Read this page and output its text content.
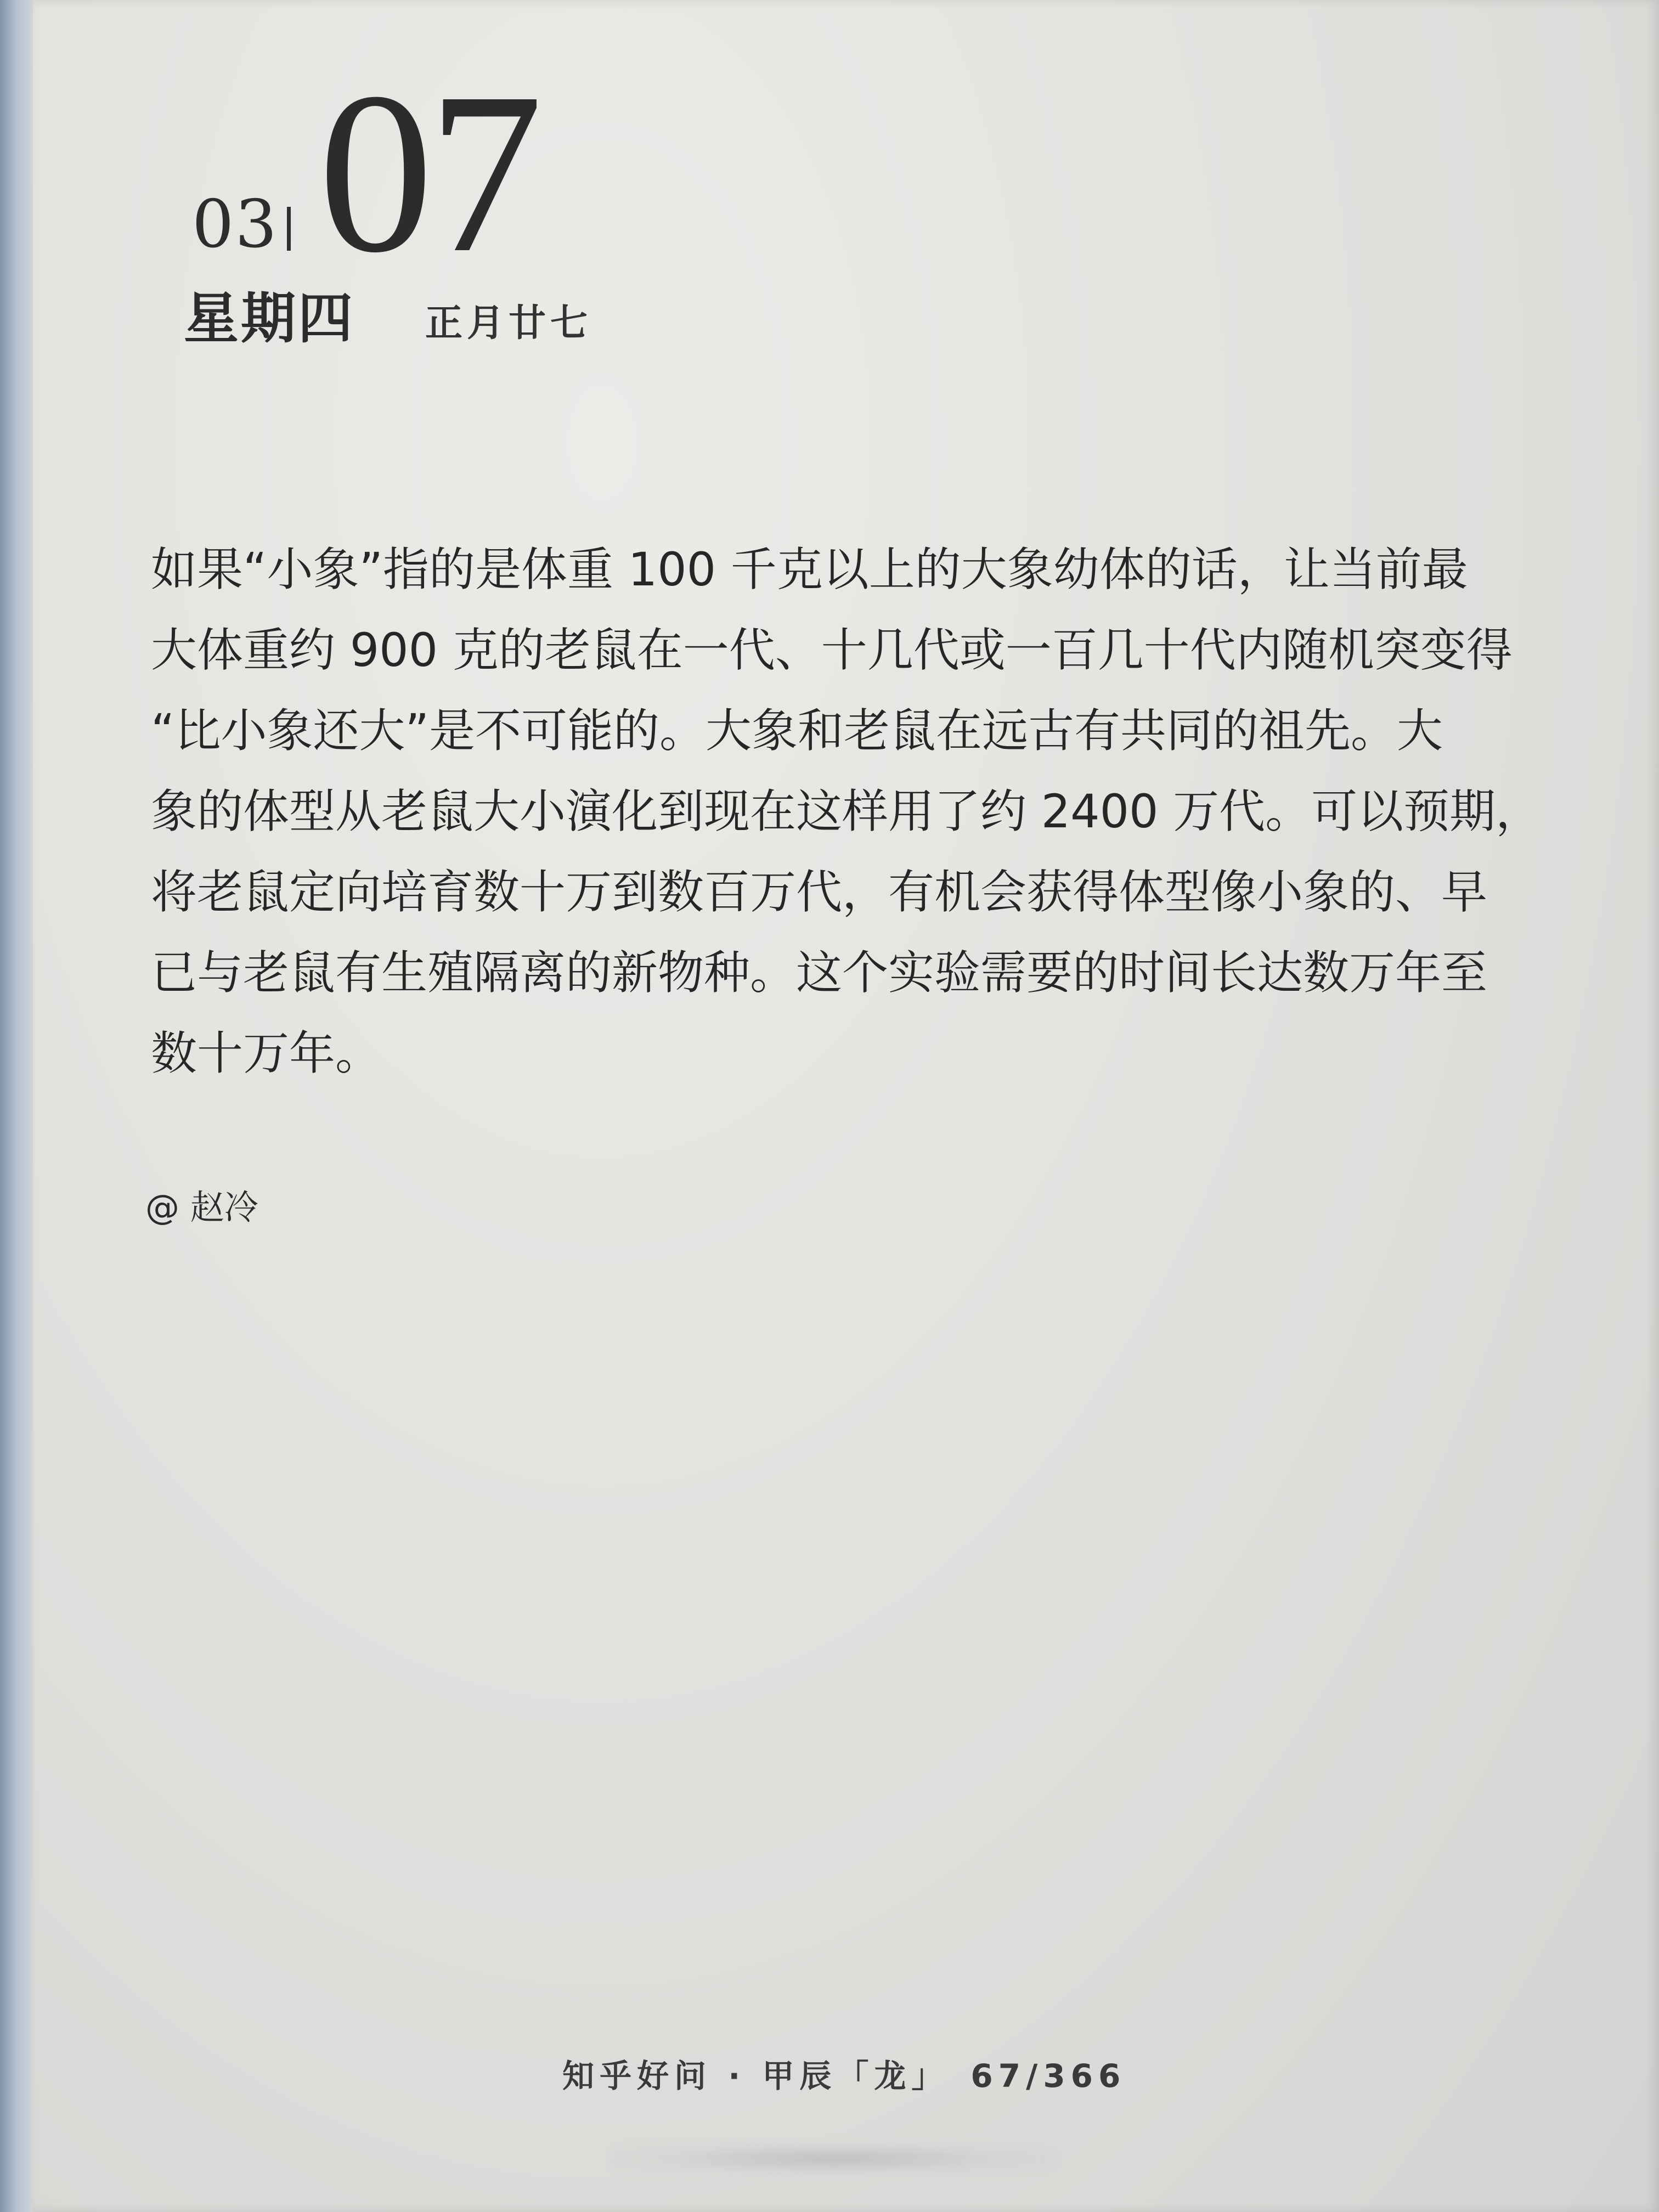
03 07
星期四 正月廿七
如果“小象”指的是体重 100 千克以上的大象幼体的话，让当前最
大体重约 900 克的老鼠在一代、十几代或一百几十代内随机突变得
“比小象还大”是不可能的。大象和老鼠在远古有共同的祖先。大
象的体型从老鼠大小演化到现在这样用了约 2400 万代。可以预期，
将老鼠定向培育数十万到数百万代，有机会获得体型像小象的、早
已与老鼠有生殖隔离的新物种。这个实验需要的时间长达数万年至
数十万年。
@ 赵冷
知乎好问 · 甲辰「龙」 67/366
